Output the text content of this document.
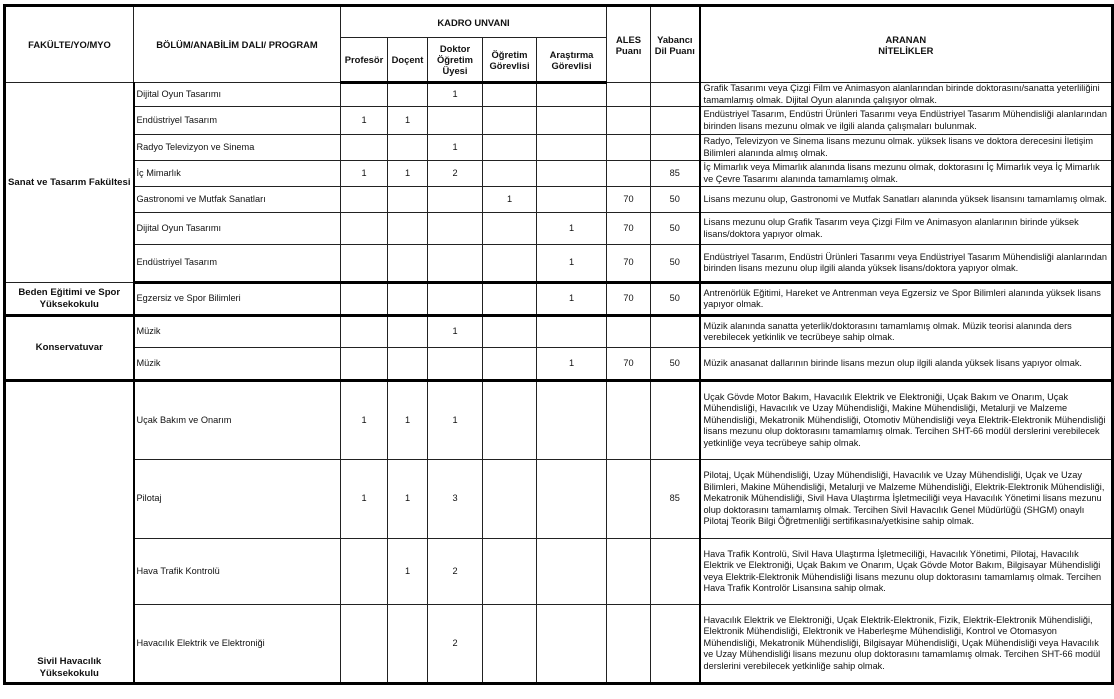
FAKÜLTE/YO/MYO	BÖLÜM/ANABİLİM DALI/ PROGRAM	KADRO UNVANI					ALES Puanı	Yabancı Dil Puanı	ARANAN
NİTELİKLER

		Profesör	Doçent	Doktor Öğretim Üyesi	Öğretim Görevlisi	Araştırma Görevlisi			
Sanat ve Tasarım Fakültesi	Dijital Oyun Tasarımı			1					Grafik Tasarımı veya Çizgi Film ve Animasyon alanlarından birinde doktorasını/sanatta yeterliliğini tamamlamış olmak. Dijital Oyun alanında çalışıyor olmak.
	Endüstriyel Tasarım	1	1						Endüstriyel Tasarım, Endüstri Ürünleri Tasarımı veya Endüstriyel Tasarım Mühendisliği alanlarından birinden lisans mezunu olmak ve ilgili alanda çalışmaları bulunmak.
	Radyo Televizyon ve Sinema			1					Radyo, Televizyon ve Sinema lisans mezunu olmak. yüksek lisans ve doktora derecesini İletişim Bilimleri alanında almış olmak.
	İç Mimarlık	1	1	2				85	İç Mimarlık veya Mimarlık alanında lisans mezunu olmak, doktorasını İç Mimarlık veya İç Mimarlık ve Çevre Tasarımı alanında tamamlamış olmak.
	Gastronomi ve Mutfak Sanatları				1		70	50	Lisans mezunu olup, Gastronomi ve Mutfak Sanatları alanında yüksek lisansını tamamlamış olmak.
	Dijital Oyun Tasarımı					1	70	50	Lisans mezunu olup Grafik Tasarım veya Çizgi Film ve Animasyon alanlarının birinde yüksek lisans/doktora yapıyor olmak.
	Endüstriyel Tasarım					1	70	50	Endüstriyel Tasarım, Endüstri Ürünleri Tasarımı veya Endüstriyel Tasarım Mühendisliği alanlarından birinden lisans mezunu olup ilgili alanda yüksek lisans/doktora yapıyor olmak.
Beden Eğitimi ve Spor Yüksekokulu	Egzersiz ve Spor Bilimleri					1	70	50	Antrenörlük Eğitimi, Hareket ve Antrenman veya Egzersiz ve Spor Bilimleri alanında yüksek lisans yapıyor olmak.
Konservatuvar	Müzik			1					Müzik alanında sanatta yeterlik/doktorasını tamamlamış olmak. Müzik teorisi alanında ders verebilecek yetkinlik ve tecrübeye sahip olmak.
	Müzik					1	70	50	Müzik anasanat dallarının birinde lisans mezun olup ilgili alanda yüksek lisans yapıyor olmak.
Sivil Havacılık Yüksekokulu	Uçak Bakım ve Onarım	1	1	1					Uçak Gövde Motor Bakım, Havacılık Elektrik ve Elektroniği, Uçak Bakım ve Onarım, Uçak Mühendisliği, Havacılık ve Uzay Mühendisliği, Makine Mühendisliği, Metalurji ve Malzeme Mühendisliği, Mekatronik Mühendisliği, Otomotiv Mühendisliği veya Elektrik-Elektronik Mühendisliği lisans mezunu olup doktorasını tamamlamış olmak. Tercihen SHT-66 modül derslerini verebilecek yetkinliğe veya tecrübeye sahip olmak.
	Pilotaj	1	1	3				85	Pilotaj, Uçak Mühendisliği, Uzay Mühendisliği, Havacılık ve Uzay Mühendisliği, Uçak ve Uzay Bilimleri, Makine Mühendisliği, Metalurji ve Malzeme Mühendisliği, Elektrik-Elektronik Mühendisliği, Mekatronik Mühendisliği, Sivil Hava Ulaştırma İşletmeciliği veya Havacılık Yönetimi lisans mezunu olup doktorasını tamamlamış olmak. Tercihen Sivil Havacılık Genel Müdürlüğü (SHGM) onaylı Pilotaj Teorik Bilgi Öğretmenliği sertifikasına/yetkisine sahip olmak.
	Hava Trafik Kontrolü		1	2					Hava Trafik Kontrolü, Sivil Hava Ulaştırma İşletmeciliği, Havacılık Yönetimi, Pilotaj, Havacılık Elektrik ve Elektroniği, Uçak Bakım ve Onarım, Uçak Gövde Motor Bakım, Bilgisayar Mühendisliği veya Elektrik-Elektronik Mühendisliği lisans mezunu olup doktorasını tamamlamış olmak. Tercihen Hava Trafik Kontrolör Lisansına sahip olmak.
	Havacılık Elektrik ve Elektroniği			2					Havacılık Elektrik ve Elektroniği, Uçak Elektrik-Elektronik, Fizik, Elektrik-Elektronik Mühendisliği, Elektronik Mühendisliği, Elektronik ve Haberleşme Mühendisliği, Kontrol ve Otomasyon Mühendisliği, Mekatronik Mühendisliği, Bilgisayar Mühendisliği, Uçak Mühendisliği veya Havacılık ve Uzay Mühendisliği lisans mezunu olup doktorasını tamamlamış olmak. Tercihen SHT-66 modül derslerini verebilecek yetkinliğe sahip olmak.
